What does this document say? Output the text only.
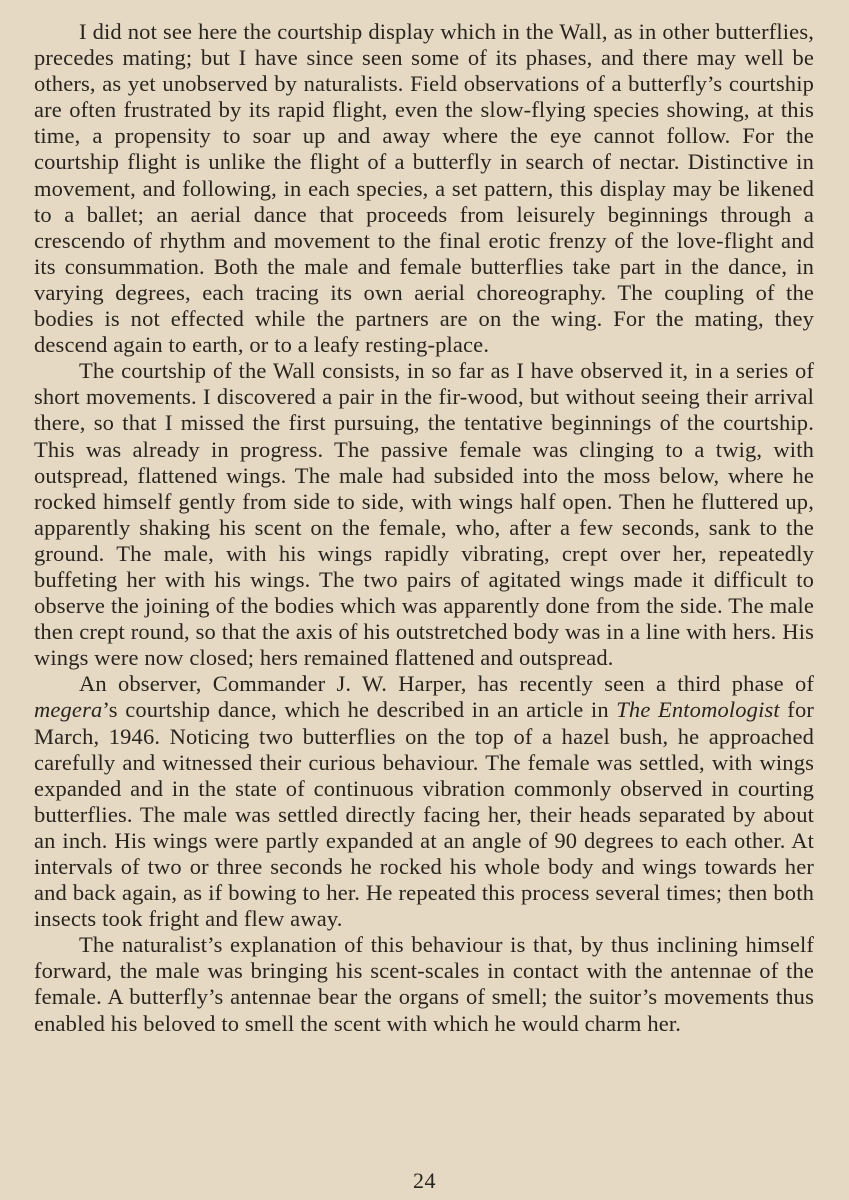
I did not see here the courtship display which in the Wall, as in other butterflies, precedes mating; but I have since seen some of its phases, and there may well be others, as yet unobserved by naturalists. Field observations of a butterfly’s courtship are often frustrated by its rapid flight, even the slow-flying species showing, at this time, a propensity to soar up and away where the eye cannot follow. For the courtship flight is unlike the flight of a butterfly in search of nectar. Distinctive in movement, and following, in each species, a set pattern, this display may be likened to a ballet; an aerial dance that proceeds from leisurely beginnings through a crescendo of rhythm and movement to the final erotic frenzy of the love-flight and its consummation. Both the male and female butterflies take part in the dance, in varying degrees, each tracing its own aerial choreography. The coupling of the bodies is not effected while the partners are on the wing. For the mating, they descend again to earth, or to a leafy resting-place.

The courtship of the Wall consists, in so far as I have observed it, in a series of short movements. I discovered a pair in the fir-wood, but without seeing their arrival there, so that I missed the first pursuing, the tentative beginnings of the courtship. This was already in progress. The passive female was clinging to a twig, with outspread, flattened wings. The male had subsided into the moss below, where he rocked himself gently from side to side, with wings half open. Then he fluttered up, apparently shaking his scent on the female, who, after a few seconds, sank to the ground. The male, with his wings rapidly vibrating, crept over her, repeatedly buffeting her with his wings. The two pairs of agitated wings made it difficult to observe the joining of the bodies which was apparently done from the side. The male then crept round, so that the axis of his outstretched body was in a line with hers. His wings were now closed; hers remained flattened and outspread.

An observer, Commander J. W. Harper, has recently seen a third phase of megera’s courtship dance, which he described in an article in The Entomologist for March, 1946. Noticing two butterflies on the top of a hazel bush, he approached carefully and witnessed their curious behaviour. The female was settled, with wings expanded and in the state of continuous vibration commonly observed in courting butterflies. The male was settled directly facing her, their heads separated by about an inch. His wings were partly expanded at an angle of 90 degrees to each other. At intervals of two or three seconds he rocked his whole body and wings towards her and back again, as if bowing to her. He repeated this process several times; then both insects took fright and flew away.

The naturalist’s explanation of this behaviour is that, by thus inclining himself forward, the male was bringing his scent-scales in contact with the antennae of the female. A butterfly’s antennae bear the organs of smell; the suitor’s movements thus enabled his beloved to smell the scent with which he would charm her.

24
